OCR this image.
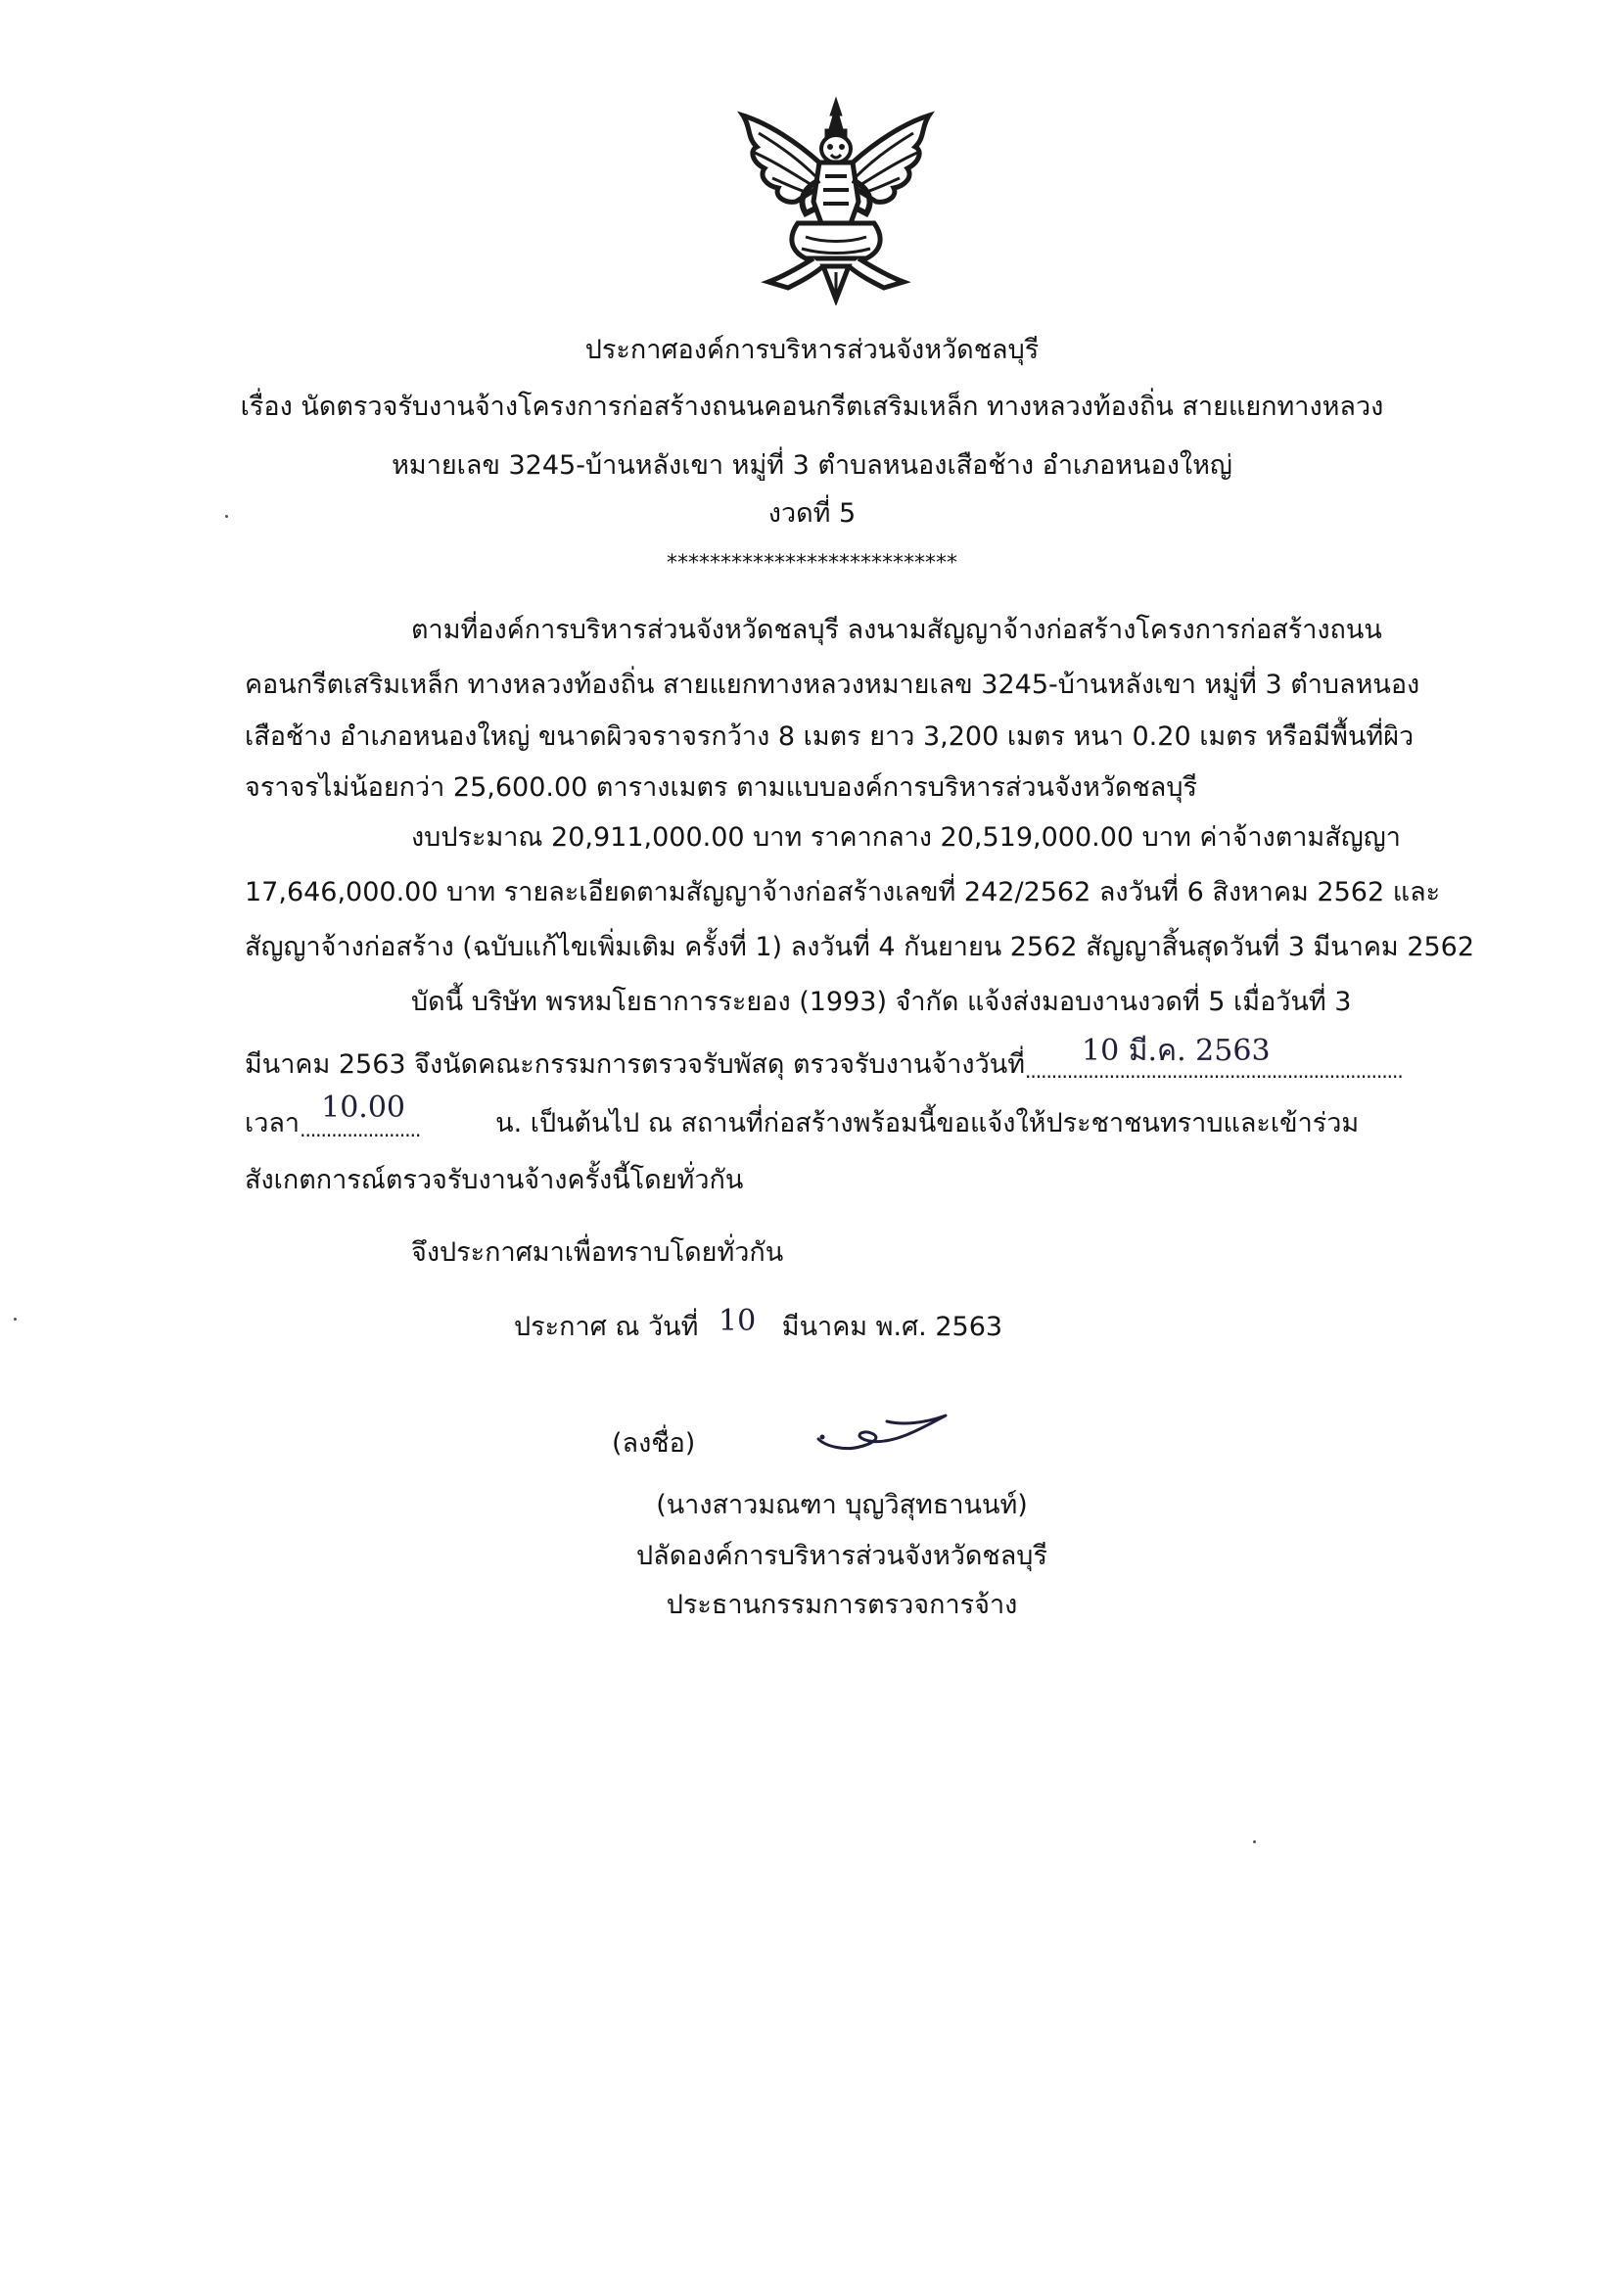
ประกาศองค์การบริหารส่วนจังหวัดชลบุรี
เรื่อง นัดตรวจรับงานจ้างโครงการก่อสร้างถนนคอนกรีตเสริมเหล็ก ทางหลวงท้องถิ่น สายแยกทางหลวง
หมายเลข 3245-บ้านหลังเขา หมู่ที่ 3 ตำบลหนองเสือช้าง อำเภอหนองใหญ่
งวดที่ 5
***************************
ตามที่องค์การบริหารส่วนจังหวัดชลบุรี ลงนามสัญญาจ้างก่อสร้างโครงการก่อสร้างถนน
คอนกรีตเสริมเหล็ก ทางหลวงท้องถิ่น สายแยกทางหลวงหมายเลข 3245-บ้านหลังเขา หมู่ที่ 3 ตำบลหนอง
เสือช้าง อำเภอหนองใหญ่ ขนาดผิวจราจรกว้าง 8 เมตร ยาว 3,200 เมตร หนา 0.20 เมตร หรือมีพื้นที่ผิว
จราจรไม่น้อยกว่า 25,600.00 ตารางเมตร ตามแบบองค์การบริหารส่วนจังหวัดชลบุรี
งบประมาณ 20,911,000.00 บาท ราคากลาง 20,519,000.00 บาท ค่าจ้างตามสัญญา
17,646,000.00 บาท รายละเอียดตามสัญญาจ้างก่อสร้างเลขที่ 242/2562 ลงวันที่ 6 สิงหาคม 2562 และ
สัญญาจ้างก่อสร้าง (ฉบับแก้ไขเพิ่มเติม ครั้งที่ 1) ลงวันที่ 4 กันยายน 2562 สัญญาสิ้นสุดวันที่ 3 มีนาคม 2562
บัดนี้ บริษัท พรหมโยธาการระยอง (1993) จำกัด แจ้งส่งมอบงานงวดที่ 5 เมื่อวันที่ 3
มีนาคม 2563 จึงนัดคณะกรรมการตรวจรับพัสดุ ตรวจรับงานจ้างวันที่ ........................................................................
10 มี.ค. 2563
เวลา .......................
10.00	น. เป็นต้นไป ณ สถานที่ก่อสร้างพร้อมนี้ขอแจ้งให้ประชาชนทราบและเข้าร่วม
สังเกตการณ์ตรวจรับงานจ้างครั้งนี้โดยทั่วกัน
จึงประกาศมาเพื่อทราบโดยทั่วกัน
ประกาศ ณ วันที่ 10 มีนาคม พ.ศ. 2563
(ลงชื่อ)
(นางสาวมณฑา บุญวิสุทธานนท์)
ปลัดองค์การบริหารส่วนจังหวัดชลบุรี
ประธานกรรมการตรวจการจ้าง
